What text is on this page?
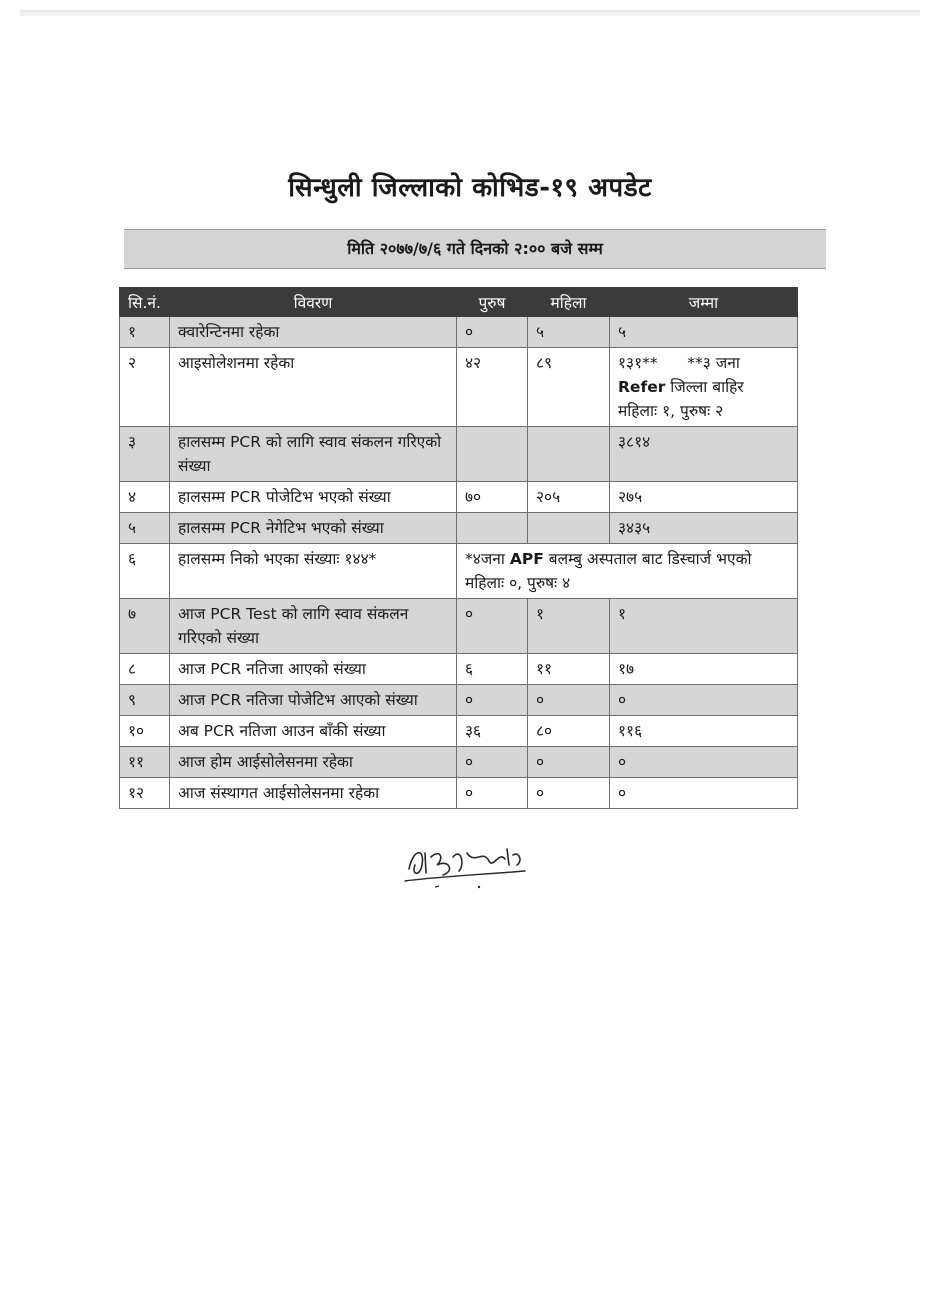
सिन्धुली जिल्लाको कोभिड-१९ अपडेट
मिति २०७७/७/६ गते दिनको २:०० बजे सम्म
सि.नं.	विवरण	पुरुष	महिला	जम्मा
१	क्वारेन्टिनमा रहेका	०	५	५
२	आइसोलेशनमा रहेका	४२	८९	१३१** **३ जना
Refer जिल्ला बाहिर
महिलाः १, पुरुषः २
३	हालसम्म PCR को लागि स्वाव संकलन गरिएको संख्या			३८१४
४	हालसम्म PCR पोजेटिभ भएको संख्या	७०	२०५	२७५
५	हालसम्म PCR नेगेटिभ भएको संख्या			३४३५
६	हालसम्म निको भएका संख्याः १४४*	*४जना APF बलम्बु अस्पताल बाट डिस्चार्ज भएको
महिलाः ०, पुरुषः ४		
७	आज PCR Test को लागि स्वाव संकलन गरिएको संख्या	०	१	१
८	आज PCR नतिजा आएको संख्या	६	११	१७
९	आज PCR नतिजा पोजेटिभ आएको संख्या	०	०	०
१०	अब PCR नतिजा आउन बाँकी संख्या	३६	८०	११६
११	आज होम आईसोलेसनमा रहेका	०	०	०
१२	आज संस्थागत आईसोलेसनमा रहेका	०	०	०
